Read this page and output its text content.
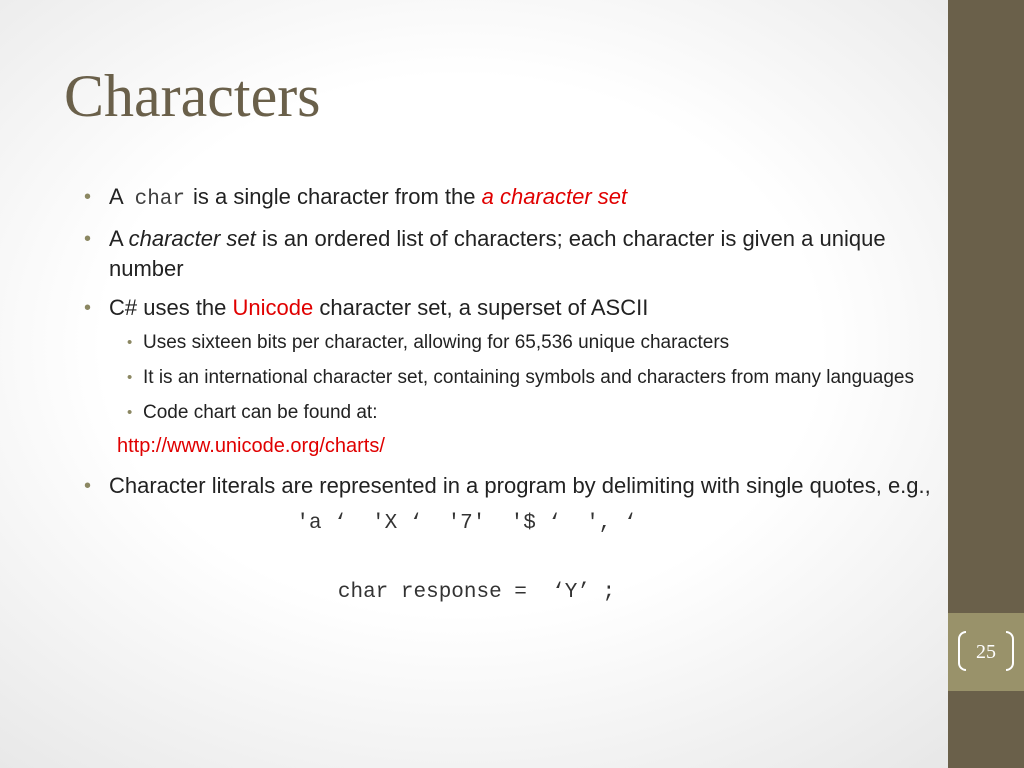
Characters
• A char is a single character from the a character set
• A character set is an ordered list of characters; each character is given a unique number
• C# uses the Unicode character set, a superset of ASCII
• Uses sixteen bits per character, allowing for 65,536 unique characters
• It is an international character set, containing symbols and characters from many languages
• Code chart can be found at:
http://www.unicode.org/charts/
• Character literals are represented in a program by delimiting with single quotes, e.g.,
'a ‘  'X ‘  '7'  '$ ‘  ', ‘
char response =  ‘Y’ ;
25
